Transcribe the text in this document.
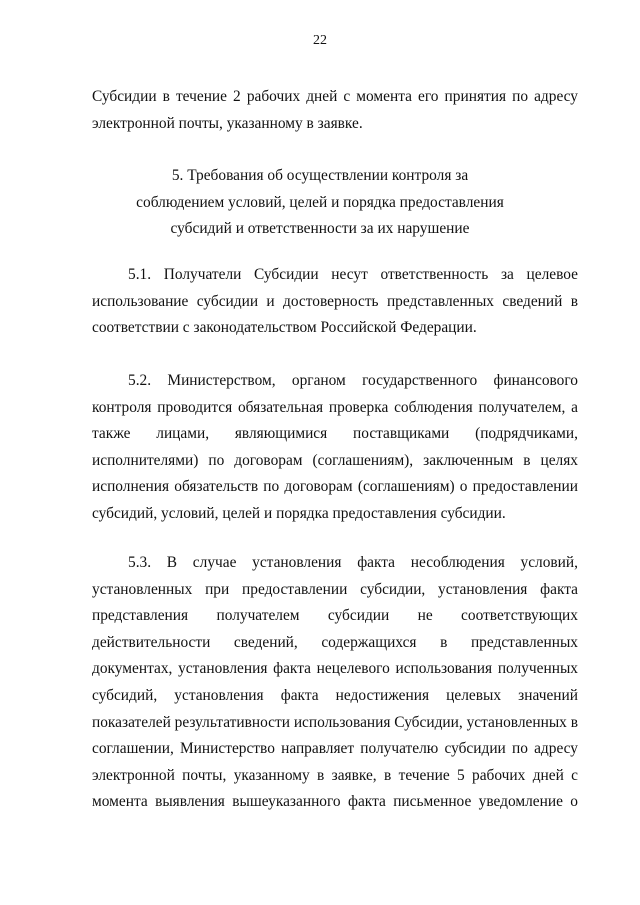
22
Субсидии в течение 2 рабочих дней с момента его принятия по адресу
электронной почты, указанному в заявке.
5. Требования об осуществлении контроля за
соблюдением условий, целей и порядка предоставления
субсидий и ответственности за их нарушение
5.1. Получатели Субсидии несут ответственность за целевое
использование субсидии и достоверность представленных сведений в
соответствии с законодательством Российской Федерации.
5.2. Министерством, органом государственного финансового
контроля проводится обязательная проверка соблюдения получателем, а
также лицами, являющимися поставщиками (подрядчиками,
исполнителями) по договорам (соглашениям), заключенным в целях
исполнения обязательств по договорам (соглашениям) о предоставлении
субсидий, условий, целей и порядка предоставления субсидии.
5.3. В случае установления факта несоблюдения условий,
установленных при предоставлении субсидии, установления факта
представления получателем субсидии не соответствующих
действительности сведений, содержащихся в представленных
документах, установления факта нецелевого использования полученных
субсидий, установления факта недостижения целевых значений
показателей результативности использования Субсидии, установленных в
соглашении, Министерство направляет получателю субсидии по адресу
электронной почты, указанному в заявке, в течение 5 рабочих дней с
момента выявления вышеуказанного факта письменное уведомление о
